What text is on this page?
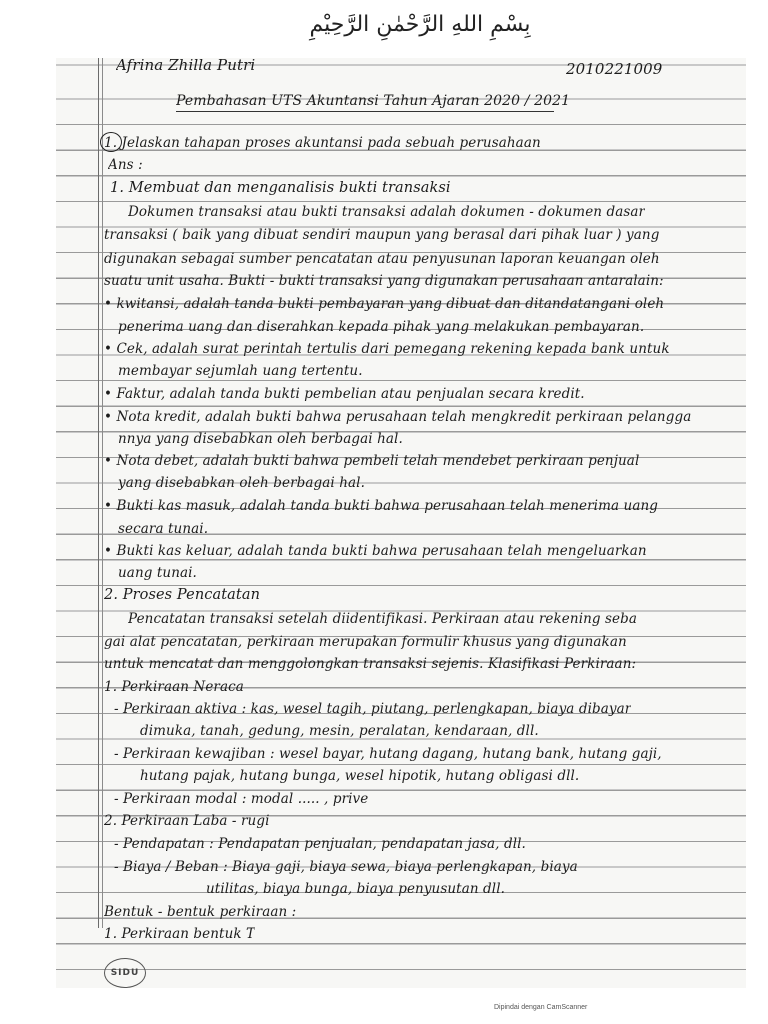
بِسْمِ اللهِ الرَّحْمٰنِ الرَّحِيْمِ
Afrina Zhilla Putri	2010221009
Pembahasan UTS Akuntansi Tahun Ajaran 2020 / 2021
1. Jelaskan tahapan proses akuntansi pada sebuah perusahaan
Ans :
1. Membuat dan menganalisis bukti transaksi
Dokumen transaksi atau bukti transaksi adalah dokumen - dokumen dasar
transaksi ( baik yang dibuat sendiri maupun yang berasal dari pihak luar ) yang
digunakan sebagai sumber pencatatan atau penyusunan laporan keuangan oleh
suatu unit usaha. Bukti - bukti transaksi yang digunakan perusahaan antaralain:
• kwitansi, adalah tanda bukti pembayaran yang dibuat dan ditandatangani oleh
penerima uang dan diserahkan kepada pihak yang melakukan pembayaran.
• Cek, adalah surat perintah tertulis dari pemegang rekening kepada bank untuk
membayar sejumlah uang tertentu.
• Faktur, adalah tanda bukti pembelian atau penjualan secara kredit.
• Nota kredit, adalah bukti bahwa perusahaan telah mengkredit perkiraan pelangga
nnya yang disebabkan oleh berbagai hal.
• Nota debet, adalah bukti bahwa pembeli telah mendebet perkiraan penjual
yang disebabkan oleh berbagai hal.
• Bukti kas masuk, adalah tanda bukti bahwa perusahaan telah menerima uang
secara tunai.
• Bukti kas keluar, adalah tanda bukti bahwa perusahaan telah mengeluarkan
uang tunai.
2. Proses Pencatatan
Pencatatan transaksi setelah diidentifikasi. Perkiraan atau rekening seba
gai alat pencatatan, perkiraan merupakan formulir khusus yang digunakan
untuk mencatat dan menggolongkan transaksi sejenis. Klasifikasi Perkiraan:
1. Perkiraan Neraca
- Perkiraan aktiva : kas, wesel tagih, piutang, perlengkapan, biaya dibayar
dimuka, tanah, gedung, mesin, peralatan, kendaraan, dll.
- Perkiraan kewajiban : wesel bayar, hutang dagang, hutang bank, hutang gaji,
hutang pajak, hutang bunga, wesel hipotik, hutang obligasi dll.
- Perkiraan modal : modal ..... , prive
2. Perkiraan Laba - rugi
- Pendapatan : Pendapatan penjualan, pendapatan jasa, dll.
- Biaya / Beban : Biaya gaji, biaya sewa, biaya perlengkapan, biaya
utilitas, biaya bunga, biaya penyusutan dll.
Bentuk - bentuk perkiraan :
1. Perkiraan bentuk T
SIDU
Dipindai dengan CamScanner
